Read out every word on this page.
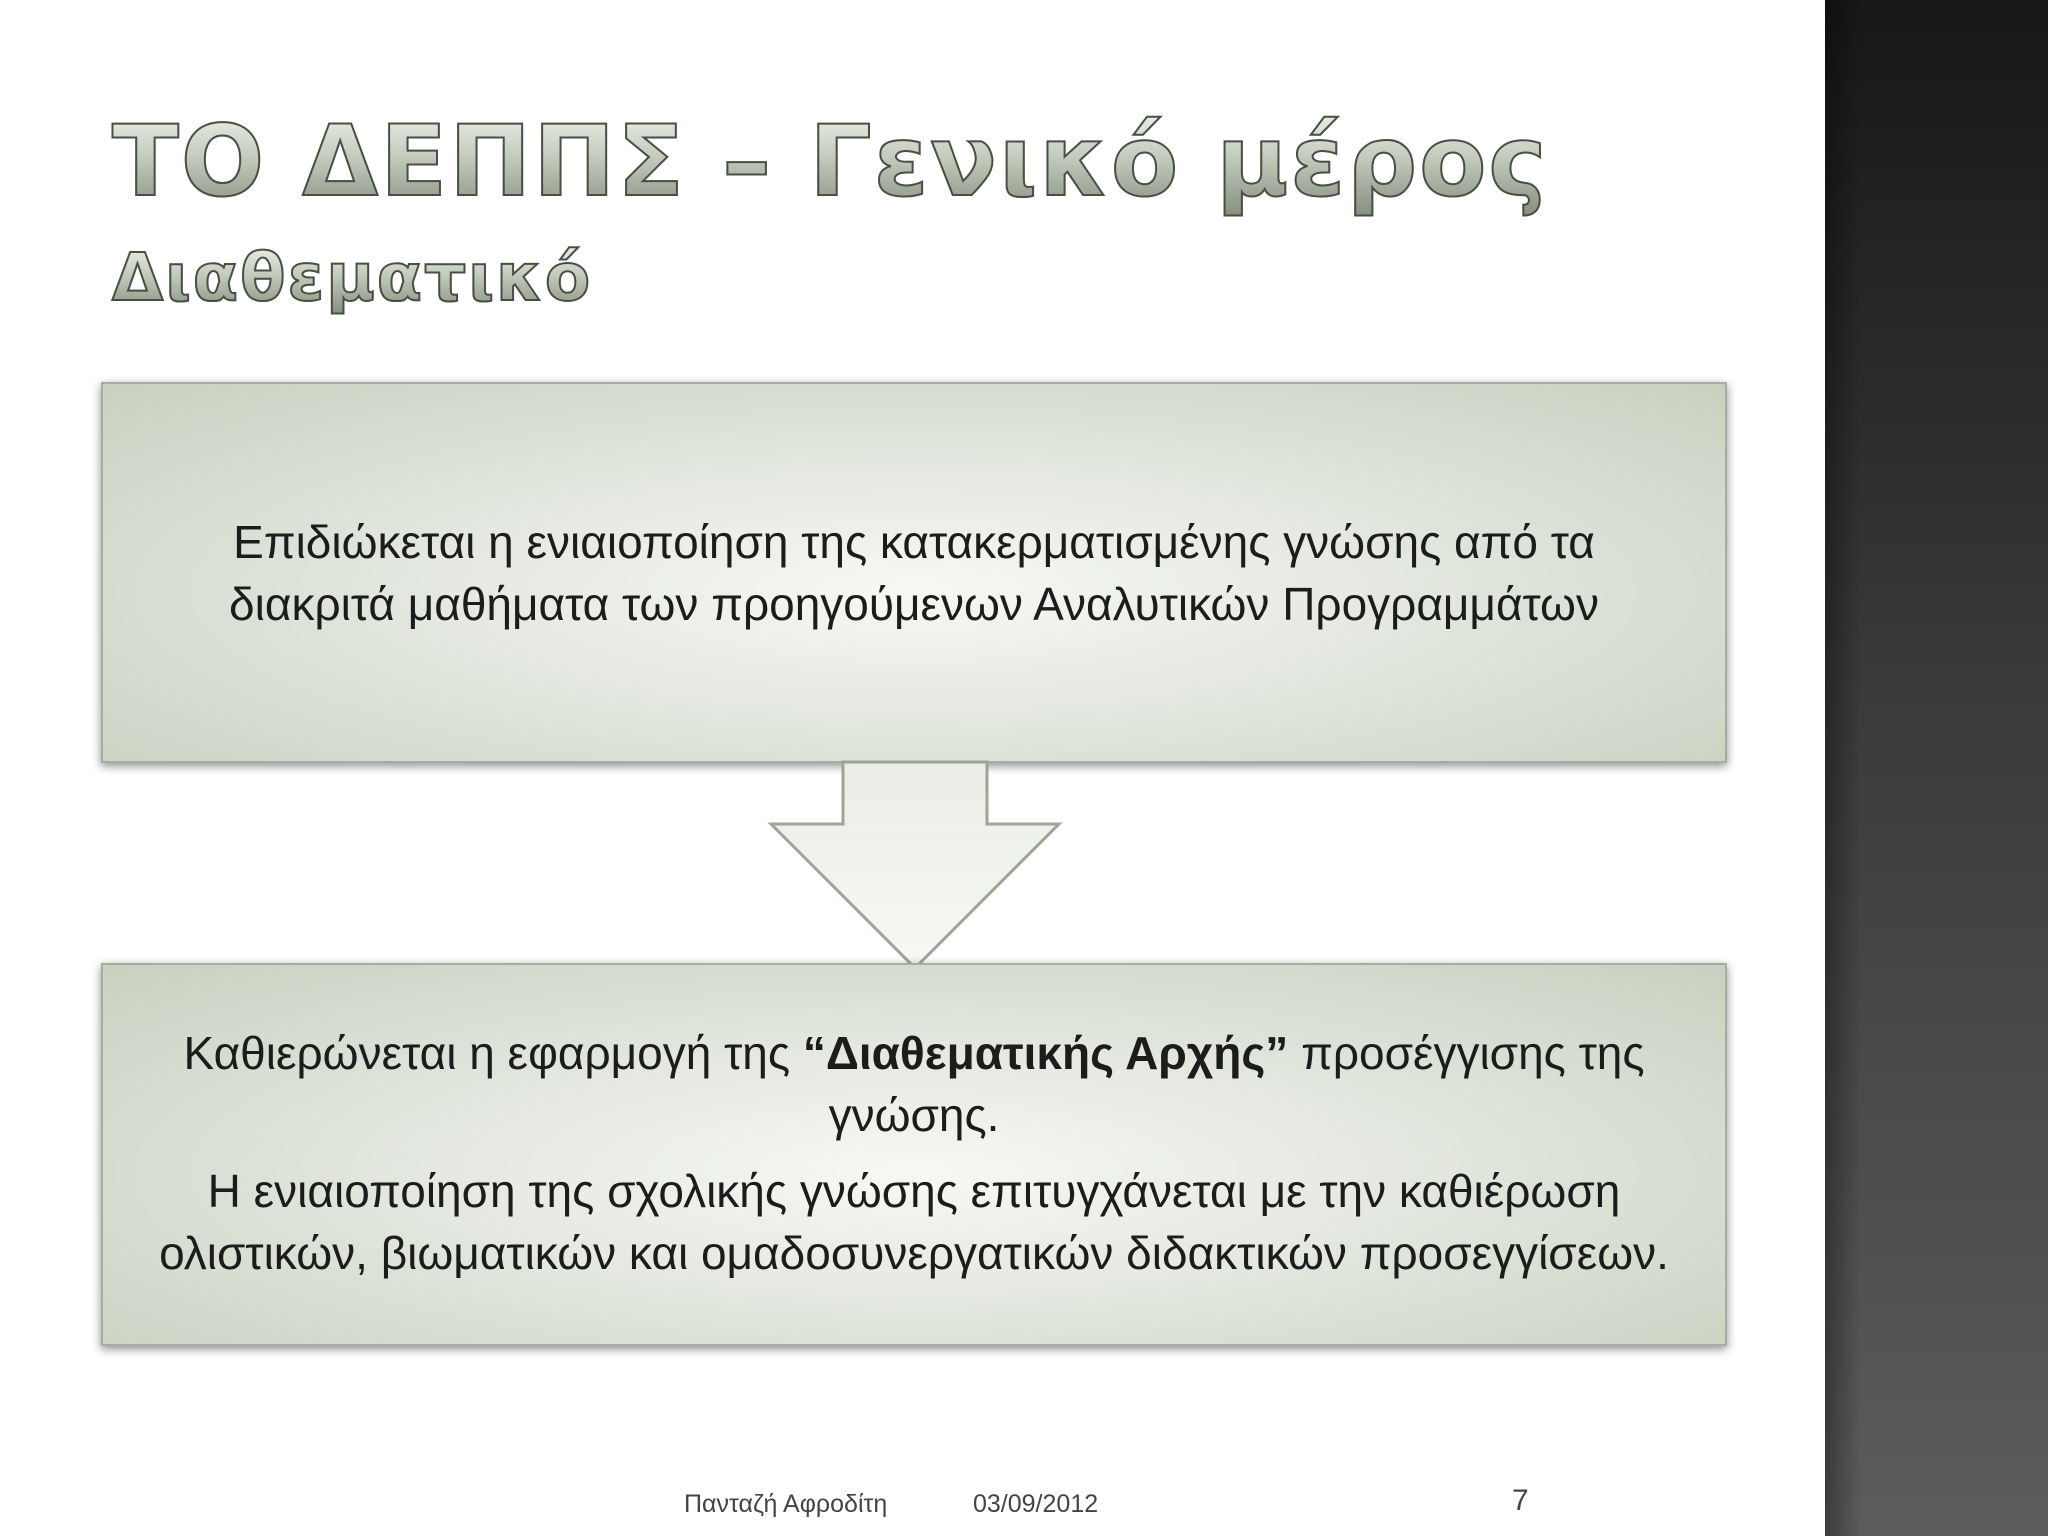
ΤΟ ΔΕΠΠΣ – Γενικό μέρος
Διαθεματικό

Επιδιώκεται η ενιαιοποίηση της κατακερματισμένης γνώσης από τα

διακριτά μαθήματα των προηγούμενων Αναλυτικών Προγραμμάτων

Καθιερώνεται η εφαρμογή της “Διαθεματικής Αρχής” προσέγγισης της γνώσης.

Η ενιαιοποίηση της σχολικής γνώσης επιτυγχάνεται με την καθιέρωση ολιστικών, βιωματικών και ομαδοσυνεργατικών διδακτικών προσεγγίσεων.

Πανταζή Αφροδίτη	03/09/2012	7
